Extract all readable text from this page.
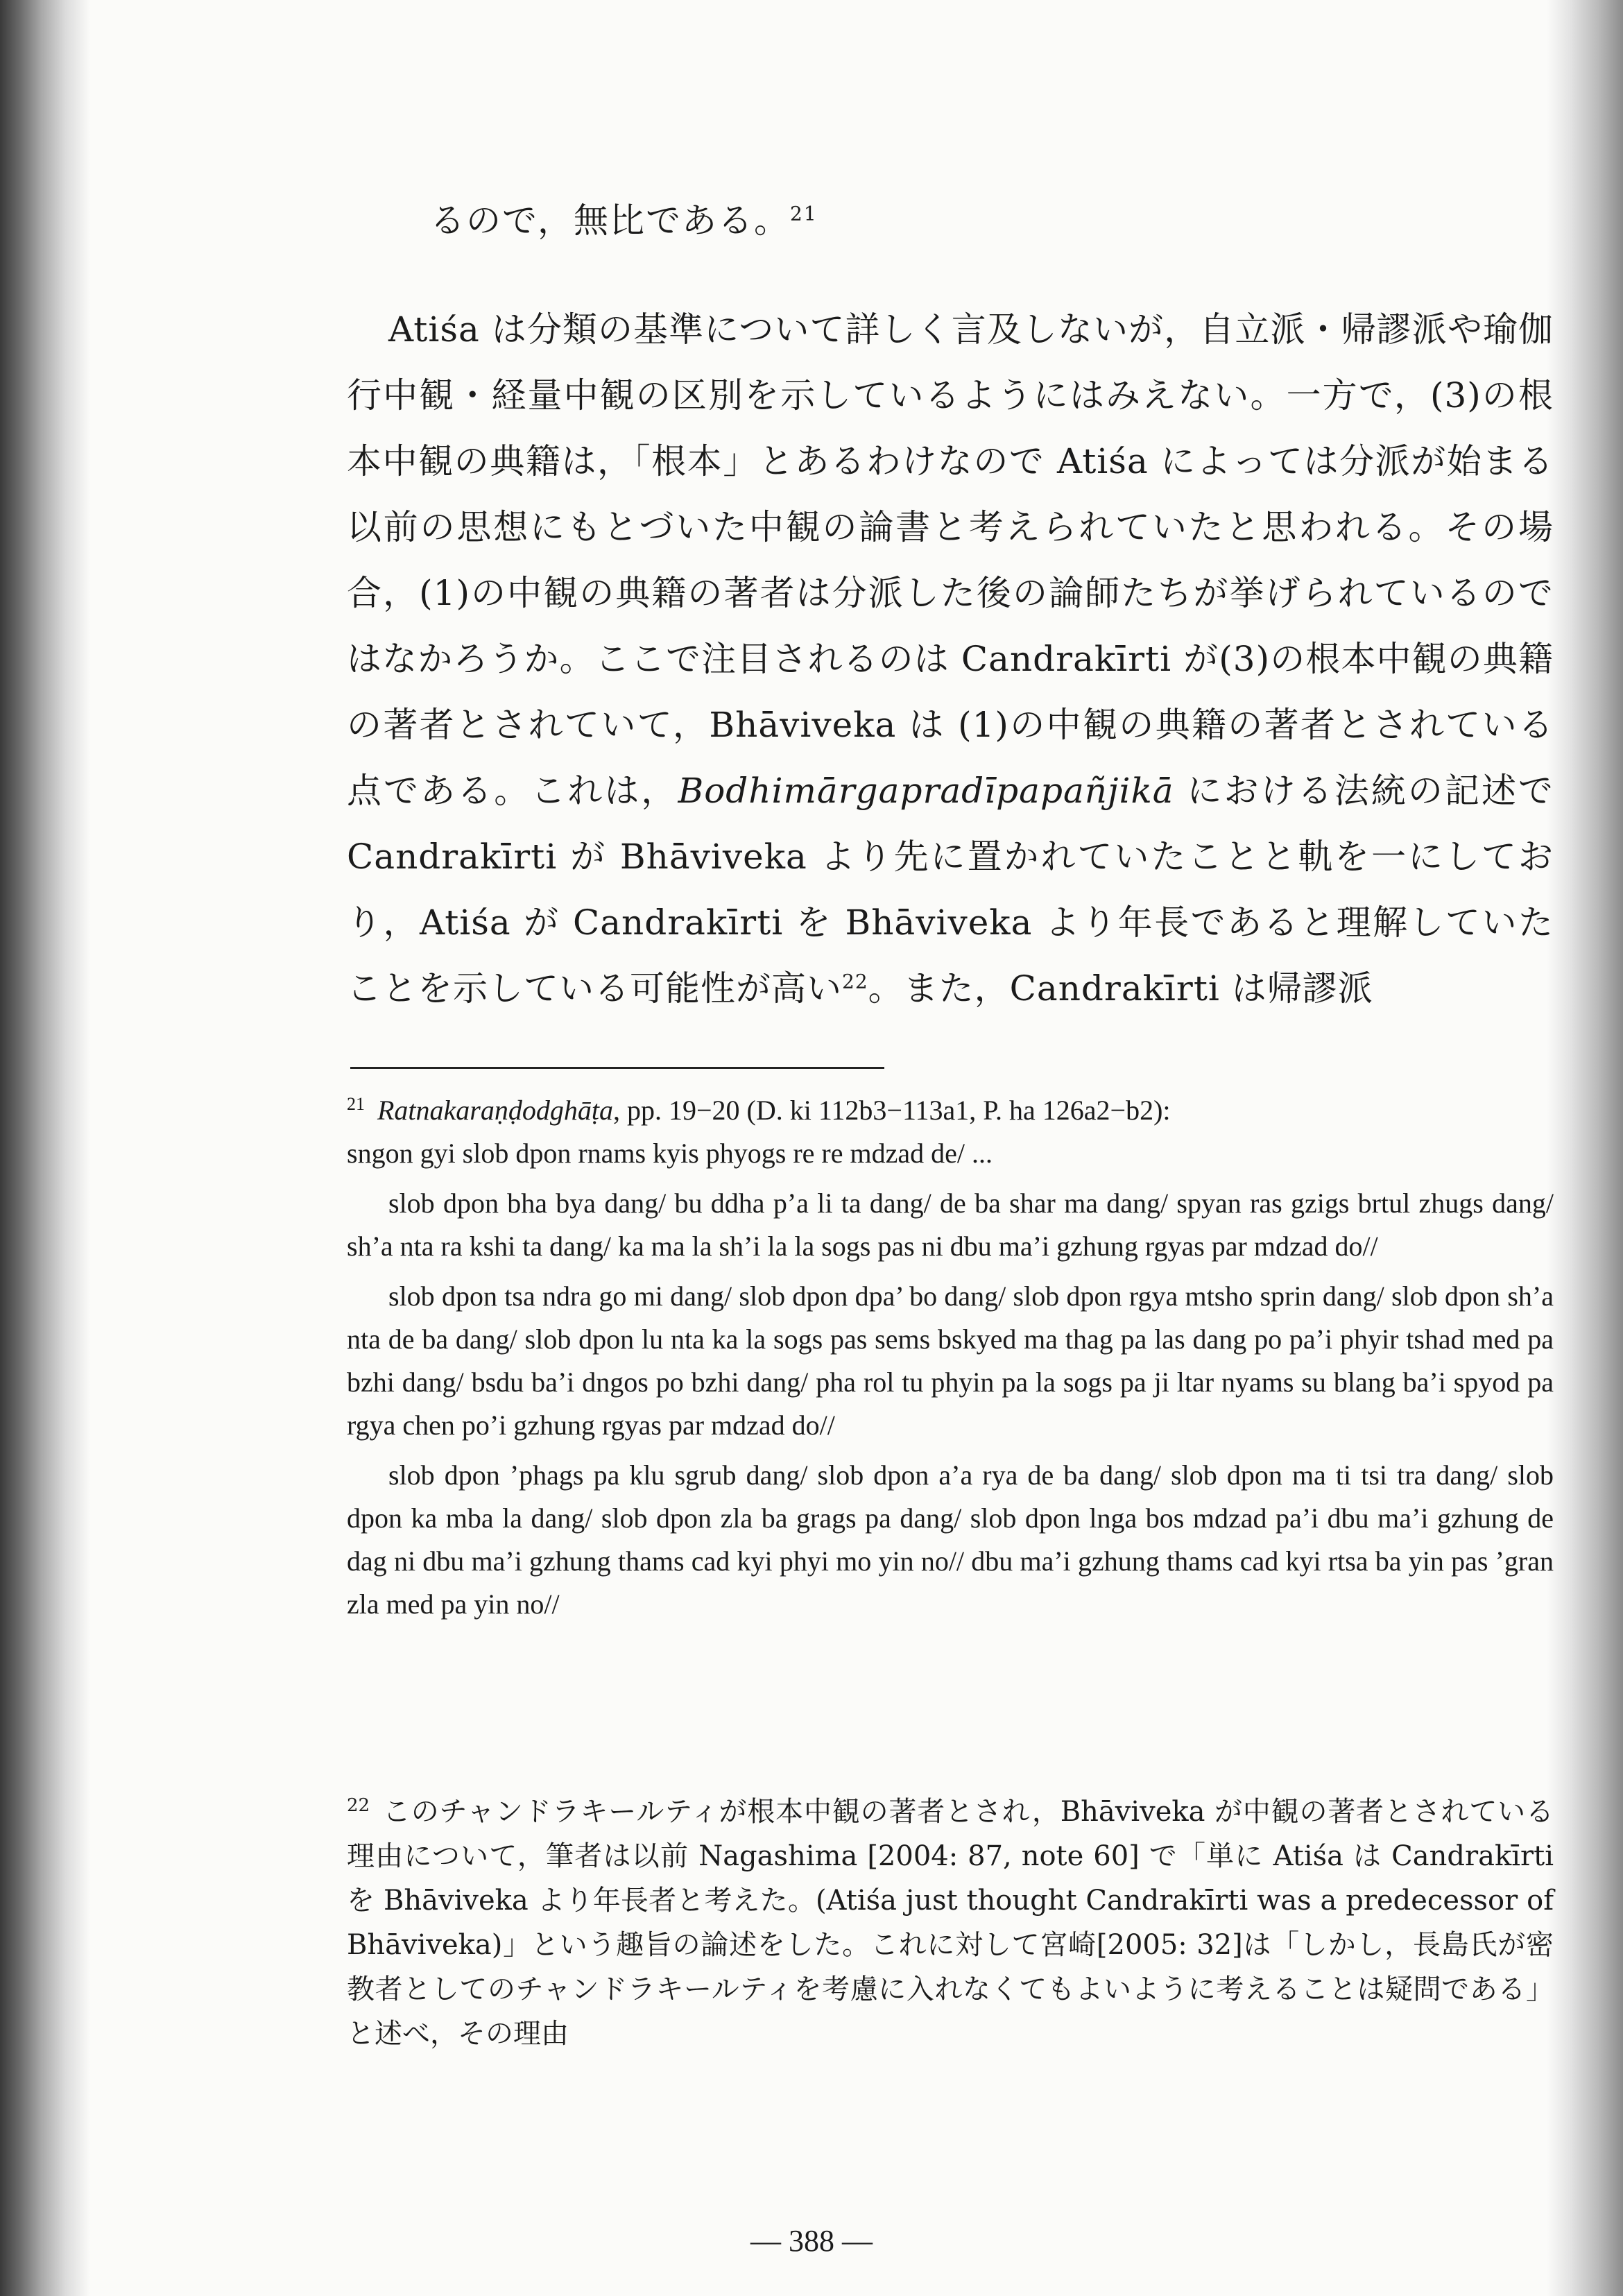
るので，無比である。$^{21}$

Atiśa は分類の基準について詳しく言及しないが，自立派・帰謬派や瑜伽行中観・経量中観の区別を示しているようにはみえない。一方で，(3)の根本中観の典籍は，「根本」とあるわけなので Atiśa によっては分派が始まる以前の思想にもとづいた中観の論書と考えられていたと思われる。その場合，(1)の中観の典籍の著者は分派した後の論師たちが挙げられているのではなかろうか。ここで注目されるのは Candrakīrti が(3)の根本中観の典籍の著者とされていて，Bhāviveka は (1)の中観の典籍の著者とされている点である。これは，Bodhimārgapradīpapañjikā における法統の記述で Candrakīrti が Bhāviveka より先に置かれていたことと軌を一にしており，Atiśa が Candrakīrti を Bhāviveka より年長であると理解していたことを示している可能性が高い$^{22}$。また，Candrakīrti は帰謬派

$^{21}$ Ratnakaraṇḍodghāṭa, pp. 19−20 (D. ki 112b3−113a1, P. ha 126a2−b2):

sngon gyi slob dpon rnams kyis phyogs re re mdzad de/ ...

slob dpon bha bya dang/ bu ddha p’a li ta dang/ de ba shar ma dang/ spyan ras gzigs brtul zhugs dang/ sh’a nta ra kshi ta dang/ ka ma la sh’i la la sogs pas ni dbu ma’i gzhung rgyas par mdzad do//

slob dpon tsa ndra go mi dang/ slob dpon dpa’ bo dang/ slob dpon rgya mtsho sprin dang/ slob dpon sh’a nta de ba dang/ slob dpon lu nta ka la sogs pas sems bskyed ma thag pa las dang po pa’i phyir tshad med pa bzhi dang/ bsdu ba’i dngos po bzhi dang/ pha rol tu phyin pa la sogs pa ji ltar nyams su blang ba’i spyod pa rgya chen po’i gzhung rgyas par mdzad do//

slob dpon ’phags pa klu sgrub dang/ slob dpon a’a rya de ba dang/ slob dpon ma ti tsi tra dang/ slob dpon ka mba la dang/ slob dpon zla ba grags pa dang/ slob dpon lnga bos mdzad pa’i dbu ma’i gzhung de dag ni dbu ma’i gzhung thams cad kyi phyi mo yin no// dbu ma’i gzhung thams cad kyi rtsa ba yin pas ’gran zla med pa yin no//

$^{22}$ このチャンドラキールティが根本中観の著者とされ，Bhāviveka が中観の著者とされている理由について，筆者は以前 Nagashima [2004: 87, note 60] で「単に Atiśa は Candrakīrti を Bhāviveka より年長者と考えた。(Atiśa just thought Candrakīrti was a predecessor of Bhāviveka)」という趣旨の論述をした。これに対して宮崎[2005: 32]は「しかし，長島氏が密教者としてのチャンドラキールティを考慮に入れなくてもよいように考えることは疑問である」と述べ，その理由

— 388 —
